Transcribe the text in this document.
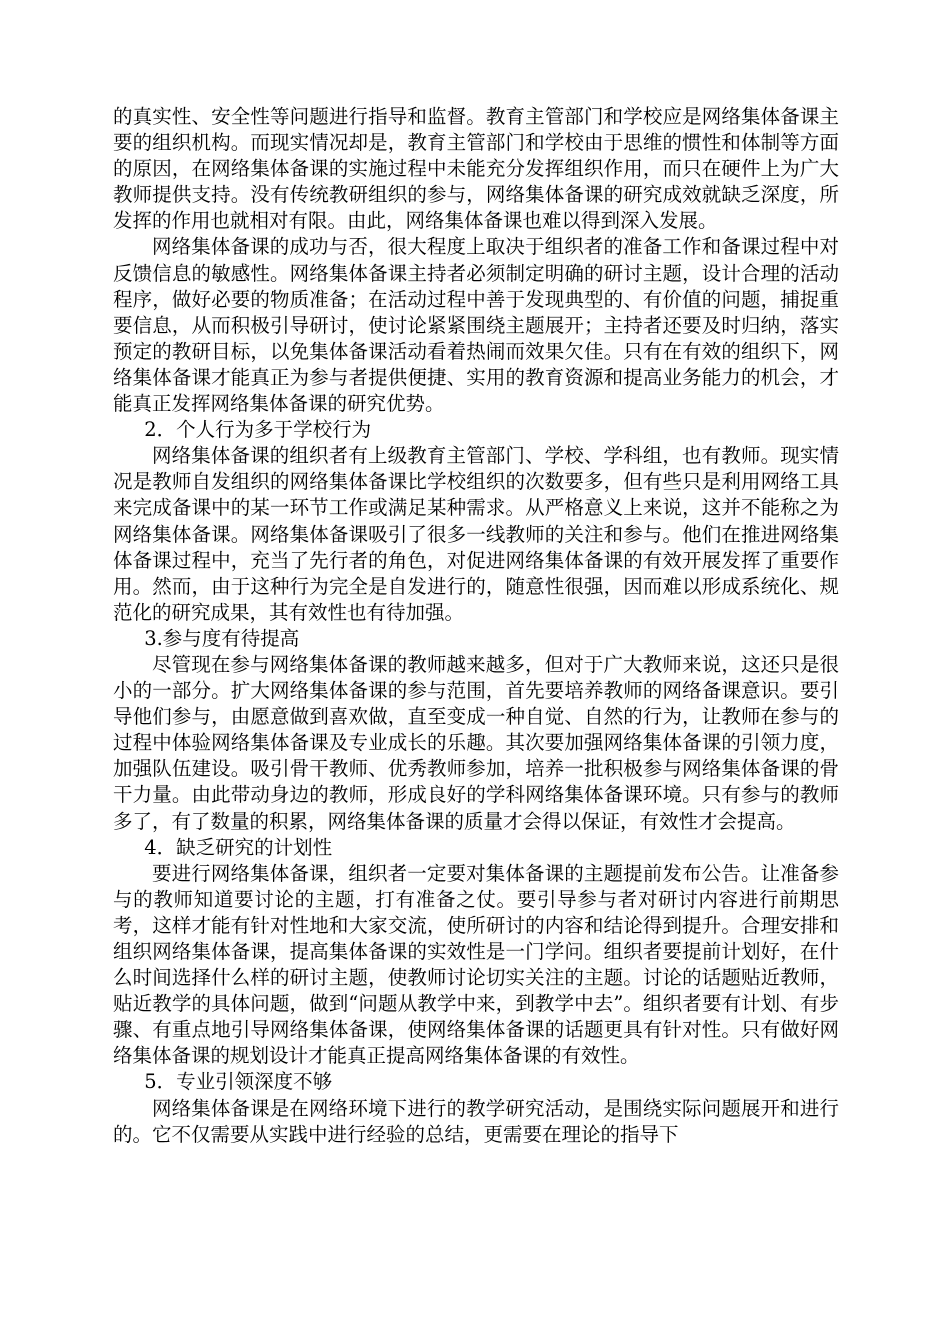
的真实性、安全性等问题进行指导和监督。教育主管部门和学校应是网络集体备课主要的组织机构。而现实情况却是，教育主管部门和学校由于思维的惯性和体制等方面的原因，在网络集体备课的实施过程中未能充分发挥组织作用，而只在硬件上为广大教师提供支持。没有传统教研组织的参与，网络集体备课的研究成效就缺乏深度，所发挥的作用也就相对有限。由此，网络集体备课也难以得到深入发展。

网络集体备课的成功与否，很大程度上取决于组织者的准备工作和备课过程中对反馈信息的敏感性。网络集体备课主持者必须制定明确的研讨主题，设计合理的活动程序，做好必要的物质准备；在活动过程中善于发现典型的、有价值的问题，捕捉重要信息，从而积极引导研讨，使讨论紧紧围绕主题展开；主持者还要及时归纳，落实预定的教研目标，以免集体备课活动看着热闹而效果欠佳。只有在有效的组织下，网络集体备课才能真正为参与者提供便捷、实用的教育资源和提高业务能力的机会，才能真正发挥网络集体备课的研究优势。

2．个人行为多于学校行为

网络集体备课的组织者有上级教育主管部门、学校、学科组，也有教师。现实情况是教师自发组织的网络集体备课比学校组织的次数要多，但有些只是利用网络工具来完成备课中的某一环节工作或满足某种需求。从严格意义上来说，这并不能称之为网络集体备课。网络集体备课吸引了很多一线教师的关注和参与。他们在推进网络集体备课过程中，充当了先行者的角色，对促进网络集体备课的有效开展发挥了重要作用。然而，由于这种行为完全是自发进行的，随意性很强，因而难以形成系统化、规范化的研究成果，其有效性也有待加强。

3.参与度有待提高

尽管现在参与网络集体备课的教师越来越多，但对于广大教师来说，这还只是很小的一部分。扩大网络集体备课的参与范围，首先要培养教师的网络备课意识。要引导他们参与，由愿意做到喜欢做，直至变成一种自觉、自然的行为，让教师在参与的过程中体验网络集体备课及专业成长的乐趣。其次要加强网络集体备课的引领力度，加强队伍建设。吸引骨干教师、优秀教师参加，培养一批积极参与网络集体备课的骨干力量。由此带动身边的教师，形成良好的学科网络集体备课环境。只有参与的教师多了，有了数量的积累，网络集体备课的质量才会得以保证，有效性才会提高。

4．缺乏研究的计划性

要进行网络集体备课，组织者一定要对集体备课的主题提前发布公告。让准备参与的教师知道要讨论的主题，打有准备之仗。要引导参与者对研讨内容进行前期思考，这样才能有针对性地和大家交流，使所研讨的内容和结论得到提升。合理安排和组织网络集体备课，提高集体备课的实效性是一门学问。组织者要提前计划好，在什么时间选择什么样的研讨主题，使教师讨论切实关注的主题。讨论的话题贴近教师，贴近教学的具体问题，做到“问题从教学中来，到教学中去”。组织者要有计划、有步骤、有重点地引导网络集体备课，使网络集体备课的话题更具有针对性。只有做好网络集体备课的规划设计才能真正提高网络集体备课的有效性。

5．专业引领深度不够

网络集体备课是在网络环境下进行的教学研究活动，是围绕实际问题展开和进行的。它不仅需要从实践中进行经验的总结，更需要在理论的指导下
